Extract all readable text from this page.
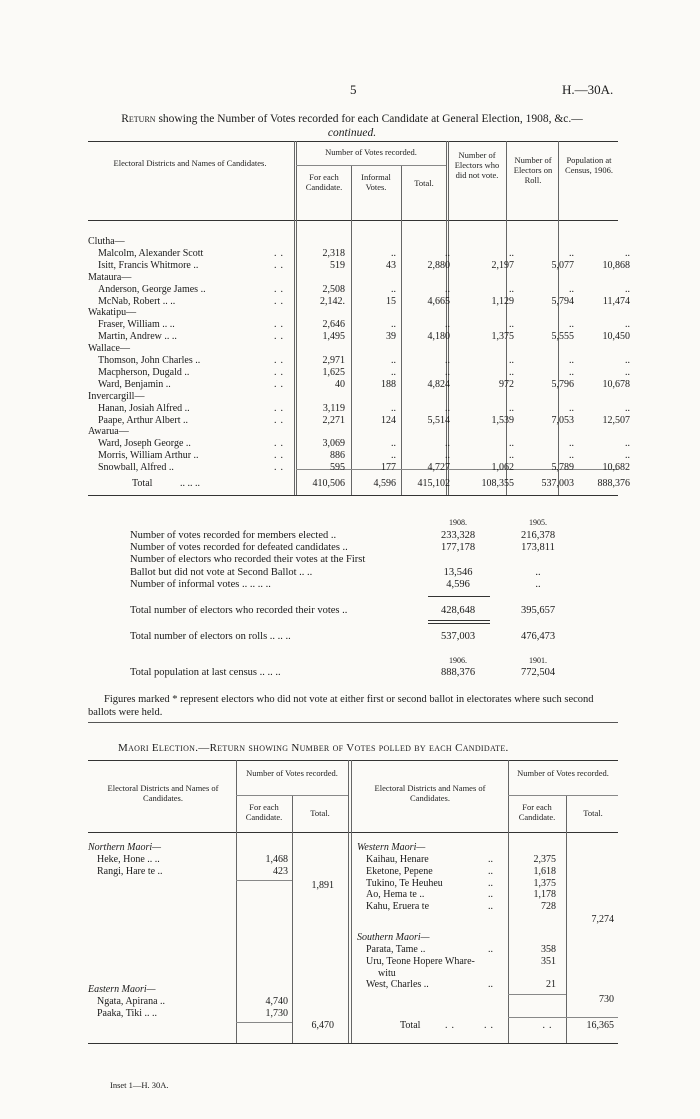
5	H.—30A.
Return showing the Number of Votes recorded for each Candidate at General Election, 1908, &c.—
continued.
Electoral Districts and Names of Candidates.
Number of Votes recorded.
For each Candidate.
Informal Votes.	Total.
Number of Electors who did not vote.
Number of Electors on Roll.
Population at Census, 1906.
Clutha—
Malcolm, Alexander Scott	..	2,318	..	..	..	..	..
Isitt, Francis Whitmore ..	..	519	43	2,880	2,197	5,077	10,868
Mataura—
Anderson, George James ..	..	2,508	..	..	..	..	..
McNab, Robert .. ..	..	2,142.	15	4,665	1,129	5,794	11,474
Wakatipu—
Fraser, William .. ..	..	2,646	..	..	..	..	..
Martin, Andrew .. ..	..	1,495	39	4,180	1,375	5,555	10,450
Wallace—
Thomson, John Charles ..	..	2,971	..	..	..	..	..
Macpherson, Dugald ..	..	1,625	..	..	..	..	..
Ward, Benjamin ..	..	40	188	4,824	972	5,796	10,678
Invercargill—
Hanan, Josiah Alfred ..	..	3,119	..	..	..	..	..
Paape, Arthur Albert ..	..	2,271	124	5,514	1,539	7,053	12,507
Awarua—
Ward, Joseph George ..	..	3,069	..	..	..	..	..
Morris, William Arthur ..	..	886	..	..	..	..	..
Snowball, Alfred ..	..	595	177	4,727	1,062	5,789	10,682
Total	.. .. ..	410,506	4,596	415,102	108,355	537,003	888,376
1908.	1905.
Number of votes recorded for members elected ..	233,328	216,378
Number of votes recorded for defeated candidates ..	177,178	173,811
Number of electors who recorded their votes at the First
Ballot but did not vote at Second Ballot .. ..	13,546	..
Number of informal votes .. .. .. ..	4,596	..
Total number of electors who recorded their votes ..	428,648	395,657
Total number of electors on rolls .. .. ..	537,003	476,473
1906.	1901.
Total population at last census .. .. ..	888,376	772,504
Figures marked * represent electors who did not vote at either first or second ballot in electorates where such second ballots were held.
Maori Election.—Return showing Number of Votes polled by each Candidate.
Electoral Districts and Names of Candidates.
Number of Votes recorded.
For each Candidate.	Total.
Electoral Districts and Names of Candidates.
Number of Votes recorded.
For each Candidate.	Total.
Northern Maori—
Heke, Hone .. ..	1,468
Rangi, Hare te ..	423
1,891
Eastern Maori—
Ngata, Apirana ..	4,740
Paaka, Tiki .. ..	1,730
6,470
Western Maori—
Kaihau, Henare	..	2,375
Eketone, Pepene	..	1,618
Tukino, Te Heuheu	..	1,375
Ao, Hema te ..	..	1,178
Kahu, Eruera te	..	728
7,274
Southern Maori—
Parata, Tame ..	..	358
Uru, Teone Hopere Whare-	351
witu
West, Charles ..	..	21
730
Total ..    ..       ..	16,365
Inset 1—H. 30A.
